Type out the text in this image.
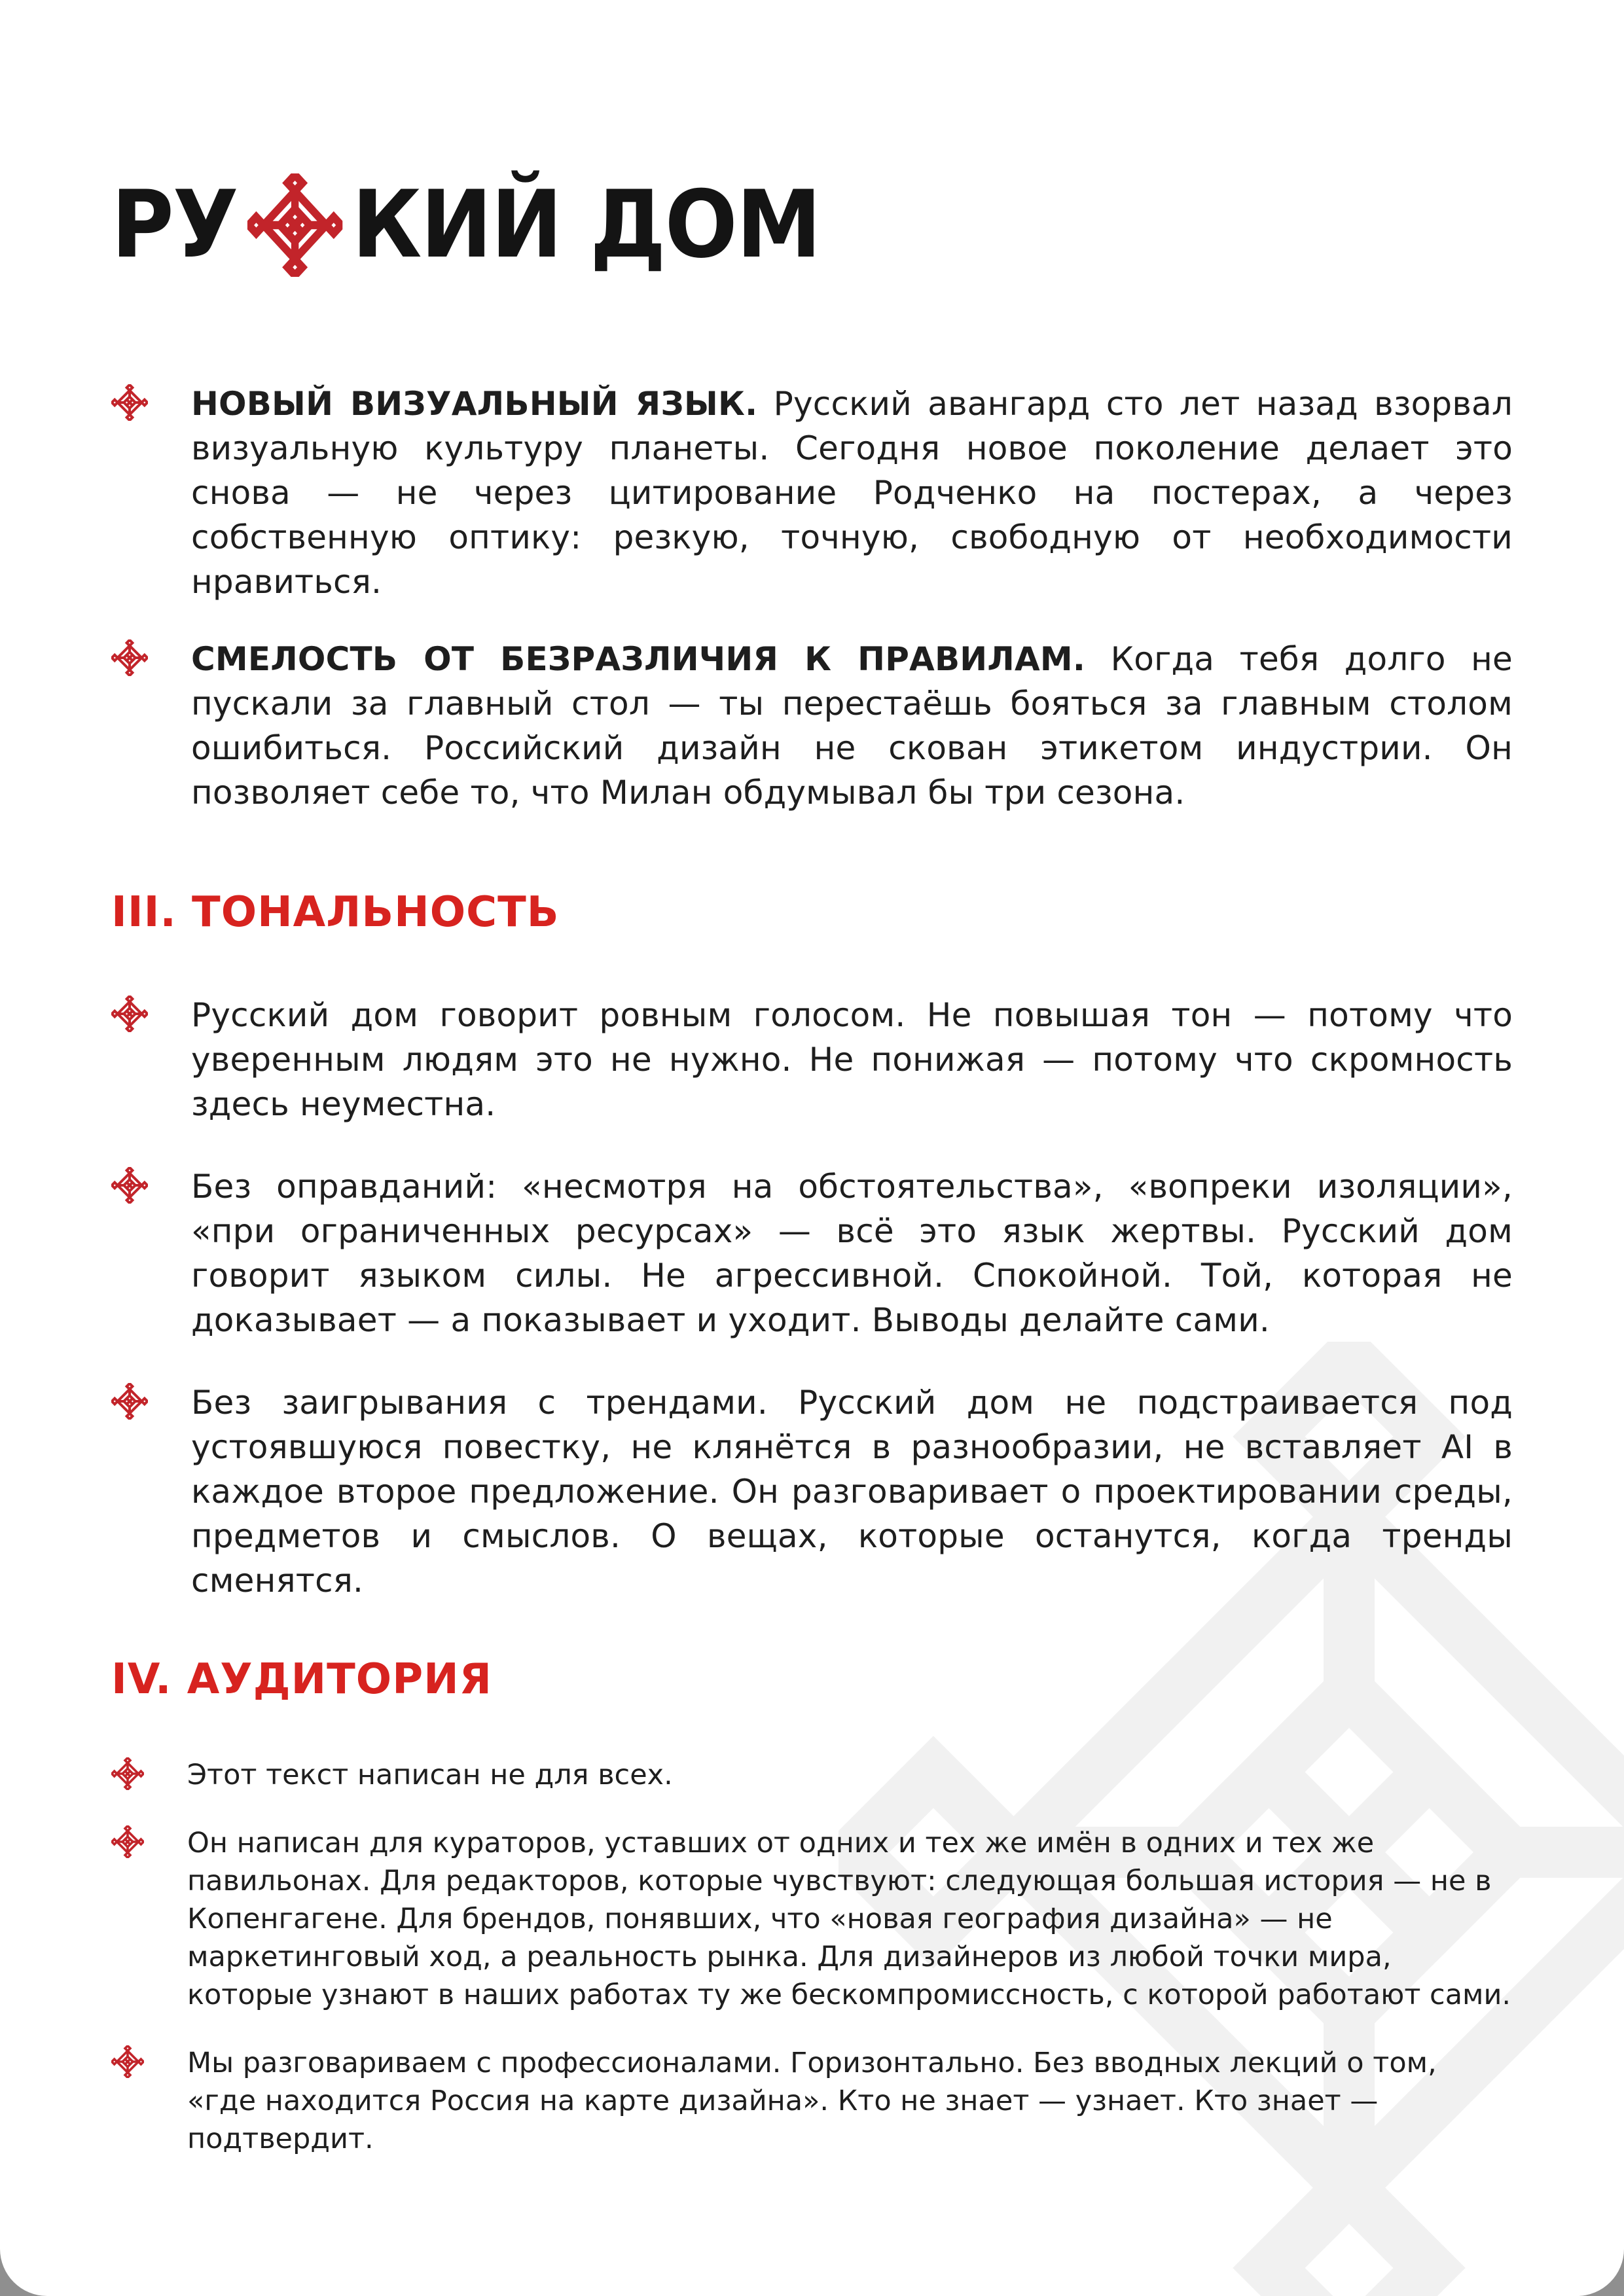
РУ КИЙ ДОМ

НОВЫЙ ВИЗУАЛЬНЫЙ ЯЗЫК. Русский авангард сто лет назад взорвал визуальную культуру планеты. Сегодня новое поколение делает это снова — не через цитирование Родченко на постерах, а через собственную оптику: резкую, точную, свободную от необходимости нравиться.

СМЕЛОСТЬ ОТ БЕЗРАЗЛИЧИЯ К ПРАВИЛАМ. Когда тебя долго не пускали за главный стол — ты перестаёшь бояться за главным столом ошибиться. Российский дизайн не скован этикетом индустрии. Он позволяет себе то, что Милан обдумывал бы три сезона.

III. ТОНАЛЬНОСТЬ

Русский дом говорит ровным голосом. Не повышая тон — потому что уверенным людям это не нужно. Не понижая — потому что скромность здесь неуместна.

Без оправданий: «несмотря на обстоятельства», «вопреки изоляции», «при ограниченных ресурсах» — всё это язык жертвы. Русский дом говорит языком силы. Не агрессивной. Спокойной. Той, которая не доказывает — а показывает и уходит. Выводы делайте сами.

Без заигрывания с трендами. Русский дом не подстраивается под устоявшуюся повестку, не клянётся в разнообразии, не вставляет AI в каждое второе предложение. Он разговаривает о проектировании среды, предметов и смыслов. О вещах, которые останутся, когда тренды сменятся.

IV. АУДИТОРИЯ

Этот текст написан не для всех.

Он написан для кураторов, уставших от одних и тех же имён в одних и тех же павильонах. Для редакторов, которые чувствуют: следующая большая история — не в Копенгагене. Для брендов, понявших, что «новая география дизайна» — не маркетинговый ход, а реальность рынка. Для дизайнеров из любой точки мира, которые узнают в наших работах ту же бескомпромиссность, с которой работают сами.

Мы разговариваем с профессионалами. Горизонтально. Без вводных лекций о том, «где находится Россия на карте дизайна». Кто не знает — узнает. Кто знает — подтвердит.
